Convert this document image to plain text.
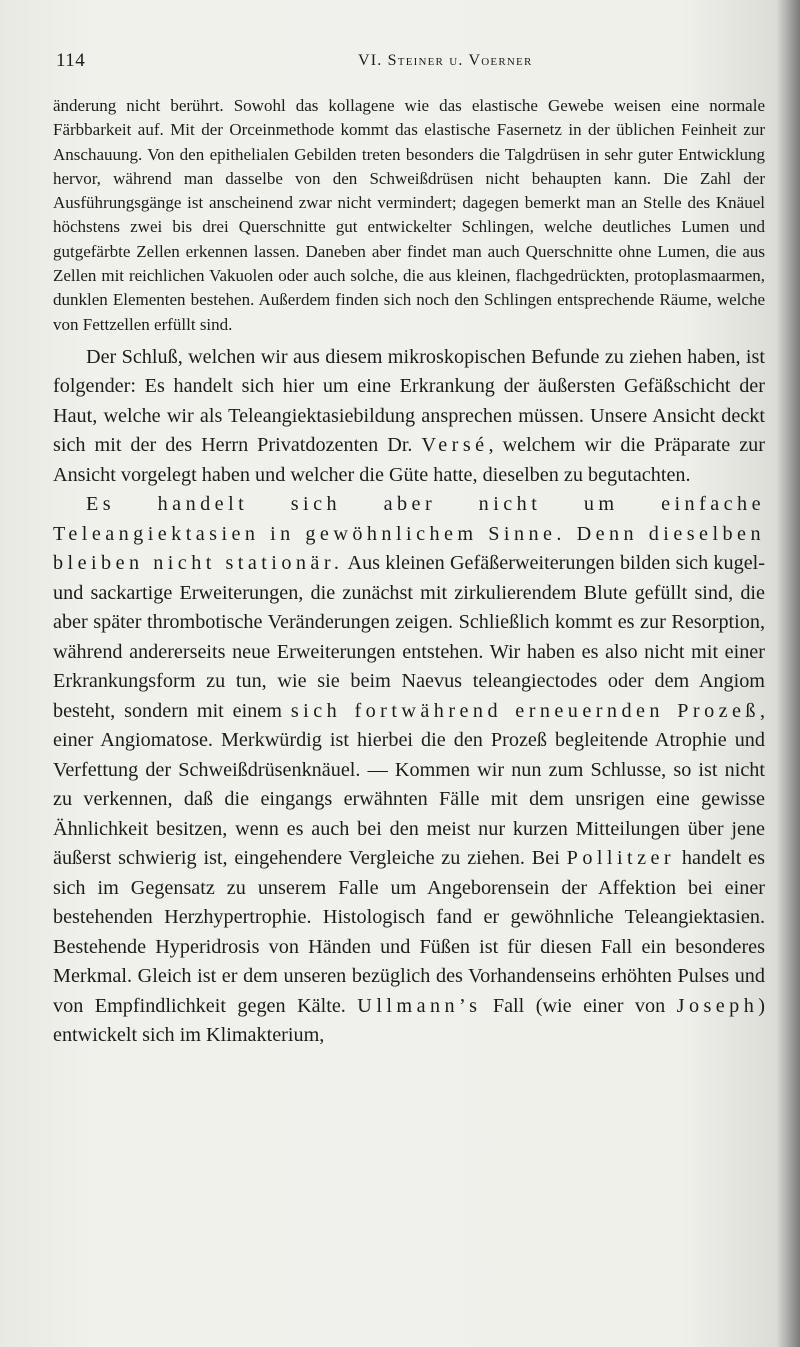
114	VI. Steiner u. Voerner

änderung nicht berührt. Sowohl das kollagene wie das elastische Gewebe weisen eine normale Färbbarkeit auf. Mit der Orceinmethode kommt das elastische Fasernetz in der üblichen Feinheit zur Anschauung. Von den epithelialen Gebilden treten besonders die Talgdrüsen in sehr guter Entwicklung hervor, während man dasselbe von den Schweißdrüsen nicht behaupten kann. Die Zahl der Ausführungsgänge ist anscheinend zwar nicht vermindert; dagegen bemerkt man an Stelle des Knäuel höchstens zwei bis drei Querschnitte gut entwickelter Schlingen, welche deutliches Lumen und gutgefärbte Zellen erkennen lassen. Daneben aber findet man auch Querschnitte ohne Lumen, die aus Zellen mit reichlichen Vakuolen oder auch solche, die aus kleinen, flachgedrückten, protoplasmaarmen, dunklen Elementen bestehen. Außerdem finden sich noch den Schlingen entsprechende Räume, welche von Fettzellen erfüllt sind.

Der Schluß, welchen wir aus diesem mikroskopischen Befunde zu ziehen haben, ist folgender: Es handelt sich hier um eine Erkrankung der äußersten Gefäßschicht der Haut, welche wir als Teleangiektasiebildung ansprechen müssen. Unsere Ansicht deckt sich mit der des Herrn Privatdozenten Dr. Versé, welchem wir die Präparate zur Ansicht vorgelegt haben und welcher die Güte hatte, dieselben zu begutachten.

Es handelt sich aber nicht um einfache Teleangiektasien in gewöhnlichem Sinne. Denn dieselben bleiben nicht stationär. Aus kleinen Gefäßerweiterungen bilden sich kugel- und sackartige Erweiterungen, die zunächst mit zirkulierendem Blute gefüllt sind, die aber später thrombotische Veränderungen zeigen. Schließlich kommt es zur Resorption, während andererseits neue Erweiterungen entstehen. Wir haben es also nicht mit einer Erkrankungsform zu tun, wie sie beim Naevus teleangiectodes oder dem Angiom besteht, sondern mit einem sich fortwährend erneuernden Prozeß, einer Angiomatose. Merkwürdig ist hierbei die den Prozeß begleitende Atrophie und Verfettung der Schweißdrüsenknäuel. — Kommen wir nun zum Schlusse, so ist nicht zu verkennen, daß die eingangs erwähnten Fälle mit dem unsrigen eine gewisse Ähnlichkeit besitzen, wenn es auch bei den meist nur kurzen Mitteilungen über jene äußerst schwierig ist, eingehendere Vergleiche zu ziehen. Bei Pollitzer handelt es sich im Gegensatz zu unserem Falle um Angeborensein der Affektion bei einer bestehenden Herzhypertrophie. Histologisch fand er gewöhnliche Teleangiektasien. Bestehende Hyperidrosis von Händen und Füßen ist für diesen Fall ein besonderes Merkmal. Gleich ist er dem unseren bezüglich des Vorhandenseins erhöhten Pulses und von Empfindlichkeit gegen Kälte. Ullmann’s Fall (wie einer von Joseph) entwickelt sich im Klimakterium,
